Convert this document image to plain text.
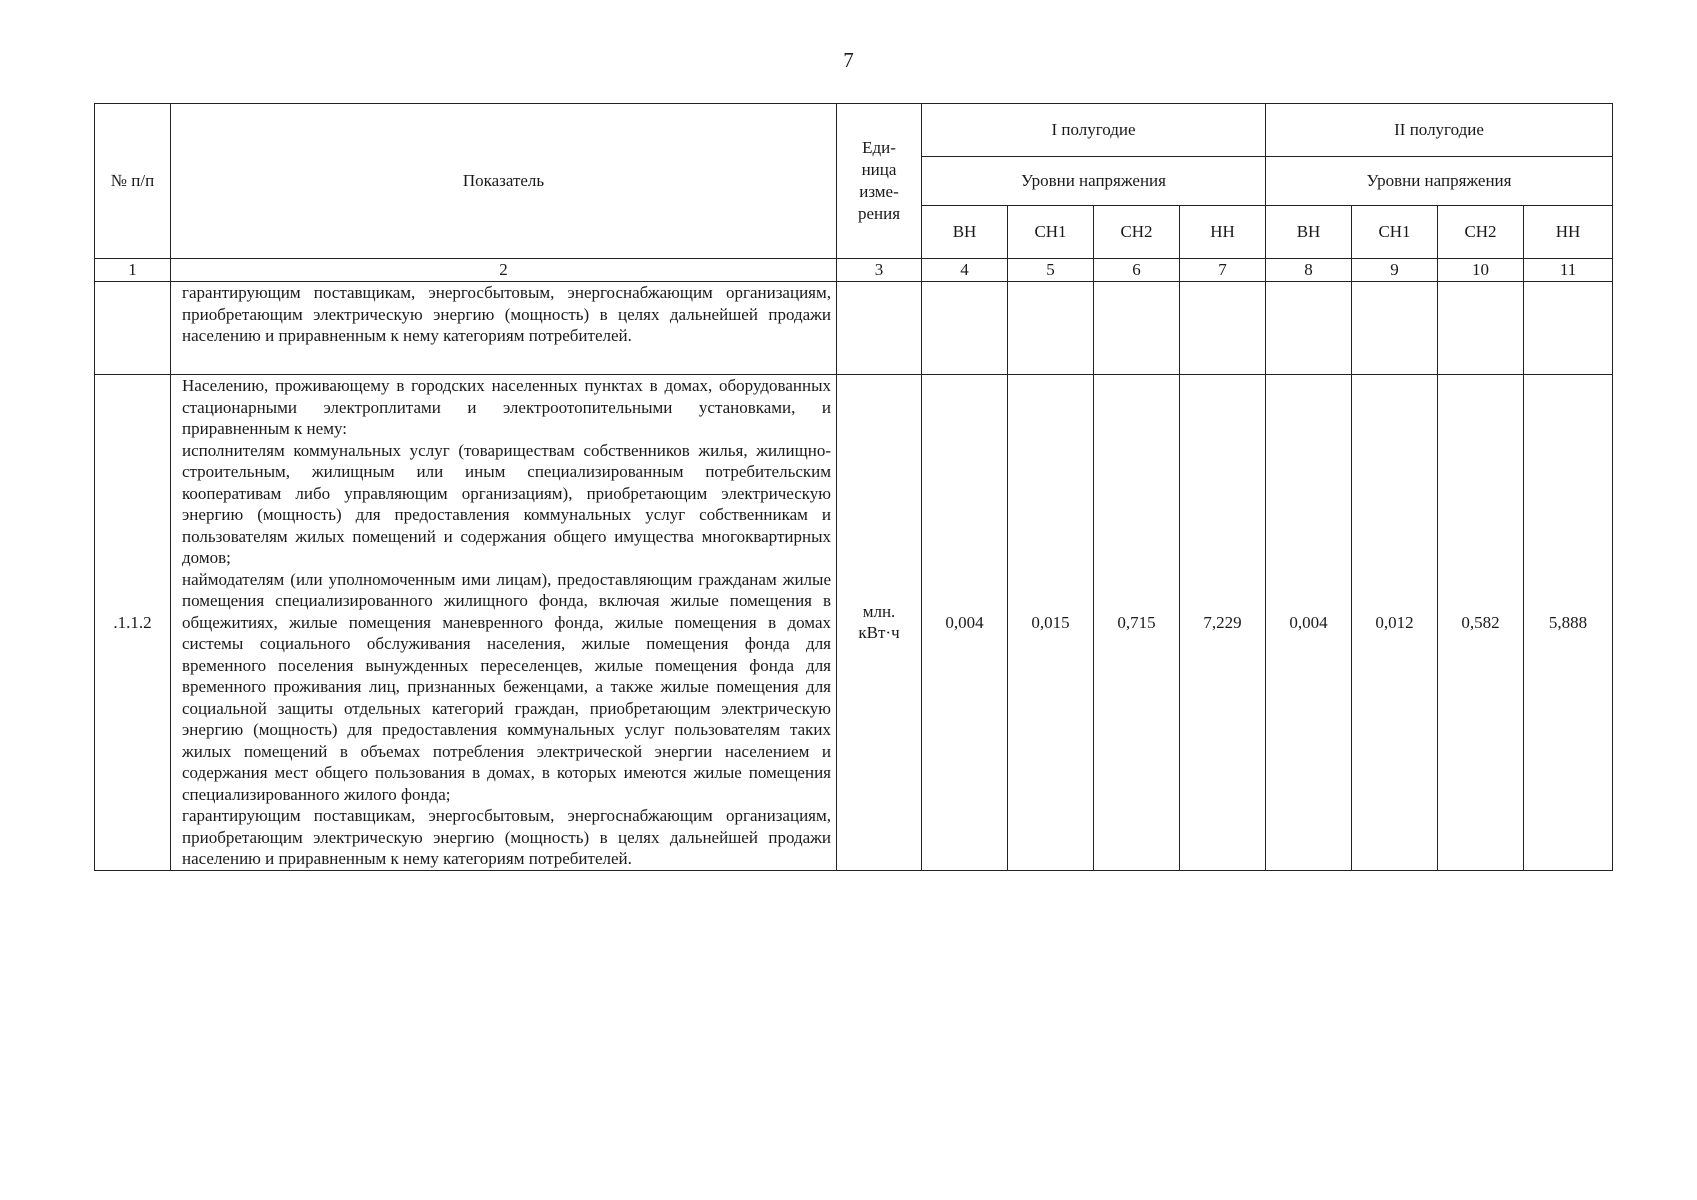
7
№ п/п	Показатель	Еди-
ница
изме-
рения	I полугодие				II полугодие			
			Уровни напряжения				Уровни напряжения			
			ВН	СН1	СН2	НН	ВН	СН1	СН2	НН
1	2	3	4	5	6	7	8	9	10	11

	гарантирующим поставщикам, энергосбытовым, энергоснабжающим организациям, приобретающим электрическую энергию (мощность) в целях дальнейшей продажи населению и приравненным к нему категориям потребителей.									

.1.1.2	Населению, проживающему в городских населенных пунктах в домах, оборудованных стационарными электроплитами и электроотопительными установками, и приравненным к нему:
исполнителям коммунальных услуг (товариществам собственников жилья, жилищно-строительным, жилищным или иным специализированным потребительским кооперативам либо управляющим организациям), приобретающим электрическую энергию (мощность) для предоставления коммунальных услуг собственникам и пользователям жилых помещений и содержания общего имущества многоквартирных домов;
наймодателям (или уполномоченным ими лицам), предоставляющим гражданам жилые помещения специализированного жилищного фонда, включая жилые помещения в общежитиях, жилые помещения маневренного фонда, жилые помещения в домах системы социального обслуживания населения, жилые помещения фонда для временного поселения вынужденных переселенцев, жилые помещения фонда для временного проживания лиц, признанных беженцами, а также жилые помещения для социальной защиты отдельных категорий граждан, приобретающим электрическую энергию (мощность) для предоставления коммунальных услуг пользователям таких жилых помещений в объемах потребления электрической энергии населением и содержания мест общего пользования в домах, в которых имеются жилые помещения специализированного жилого фонда;
гарантирующим поставщикам, энергосбытовым, энергоснабжающим организациям, приобретающим электрическую энергию (мощность) в целях дальнейшей продажи населению и приравненным к нему категориям потребителей.	млн.
кВт·ч	0,004	0,015	0,715	7,229	0,004	0,012	0,582	5,888
